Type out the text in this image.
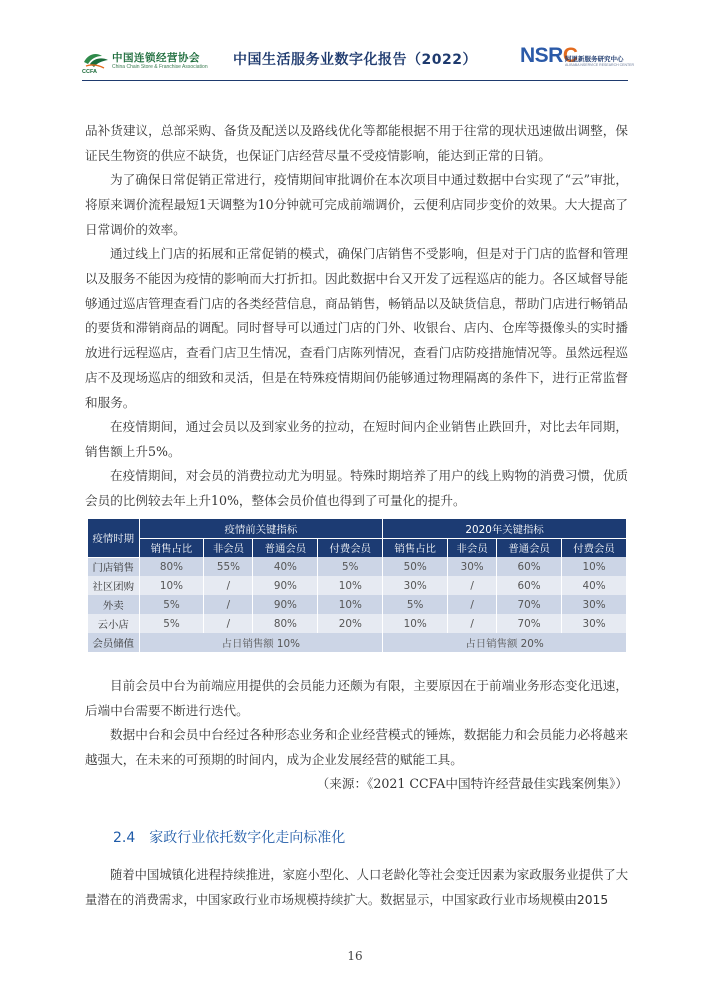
中国连锁经营协会
China Chain Store & Franchise Association
CCFA
中国生活服务业数字化报告（2022）	NSRC
阿里新服务研究中心
ALIBABA NSERVICE RESEARCH CENTER

品补货建议，总部采购、备货及配送以及路线优化等都能根据不用于往常的现状迅速做出调整，保证民生物资的供应不缺货，也保证门店经营尽量不受疫情影响，能达到正常的日销。

为了确保日常促销正常进行，疫情期间审批调价在本次项目中通过数据中台实现了“云”审批，将原来调价流程最短1天调整为10分钟就可完成前端调价，云便利店同步变价的效果。大大提高了日常调价的效率。

通过线上门店的拓展和正常促销的模式，确保门店销售不受影响，但是对于门店的监督和管理以及服务不能因为疫情的影响而大打折扣。因此数据中台又开发了远程巡店的能力。各区域督导能够通过巡店管理查看门店的各类经营信息，商品销售，畅销品以及缺货信息，帮助门店进行畅销品的要货和滞销商品的调配。同时督导可以通过门店的门外、收银台、店内、仓库等摄像头的实时播放进行远程巡店，查看门店卫生情况，查看门店陈列情况，查看门店防疫措施情况等。虽然远程巡店不及现场巡店的细致和灵活，但是在特殊疫情期间仍能够通过物理隔离的条件下，进行正常监督和服务。

在疫情期间，通过会员以及到家业务的拉动，在短时间内企业销售止跌回升，对比去年同期，销售额上升5%。

在疫情期间，对会员的消费拉动尤为明显。特殊时期培养了用户的线上购物的消费习惯，优质会员的比例较去年上升10%，整体会员价值也得到了可量化的提升。

疫情时期	疫情前关键指标				2020年关键指标			
	销售占比	非会员	普通会员	付费会员	销售占比	非会员	普通会员	付费会员
门店销售	80%	55%	40%	5%	50%	30%	60%	10%
社区团购	10%	/	90%	10%	30%	/	60%	40%
外卖	5%	/	90%	10%	5%	/	70%	30%
云小店	5%	/	80%	20%	10%	/	70%	30%
会员储值	占日销售额 10%				占日销售额 20%			

目前会员中台为前端应用提供的会员能力还颇为有限，主要原因在于前端业务形态变化迅速，后端中台需要不断进行迭代。

数据中台和会员中台经过各种形态业务和企业经营模式的锤炼，数据能力和会员能力必将越来越强大，在未来的可预期的时间内，成为企业发展经营的赋能工具。

（来源：《2021 CCFA中国特许经营最佳实践案例集》）
2.4 家政行业依托数字化走向标准化

随着中国城镇化进程持续推进，家庭小型化、人口老龄化等社会变迁因素为家政服务业提供了大量潜在的消费需求，中国家政行业市场规模持续扩大。数据显示，中国家政行业市场规模由2015

16
